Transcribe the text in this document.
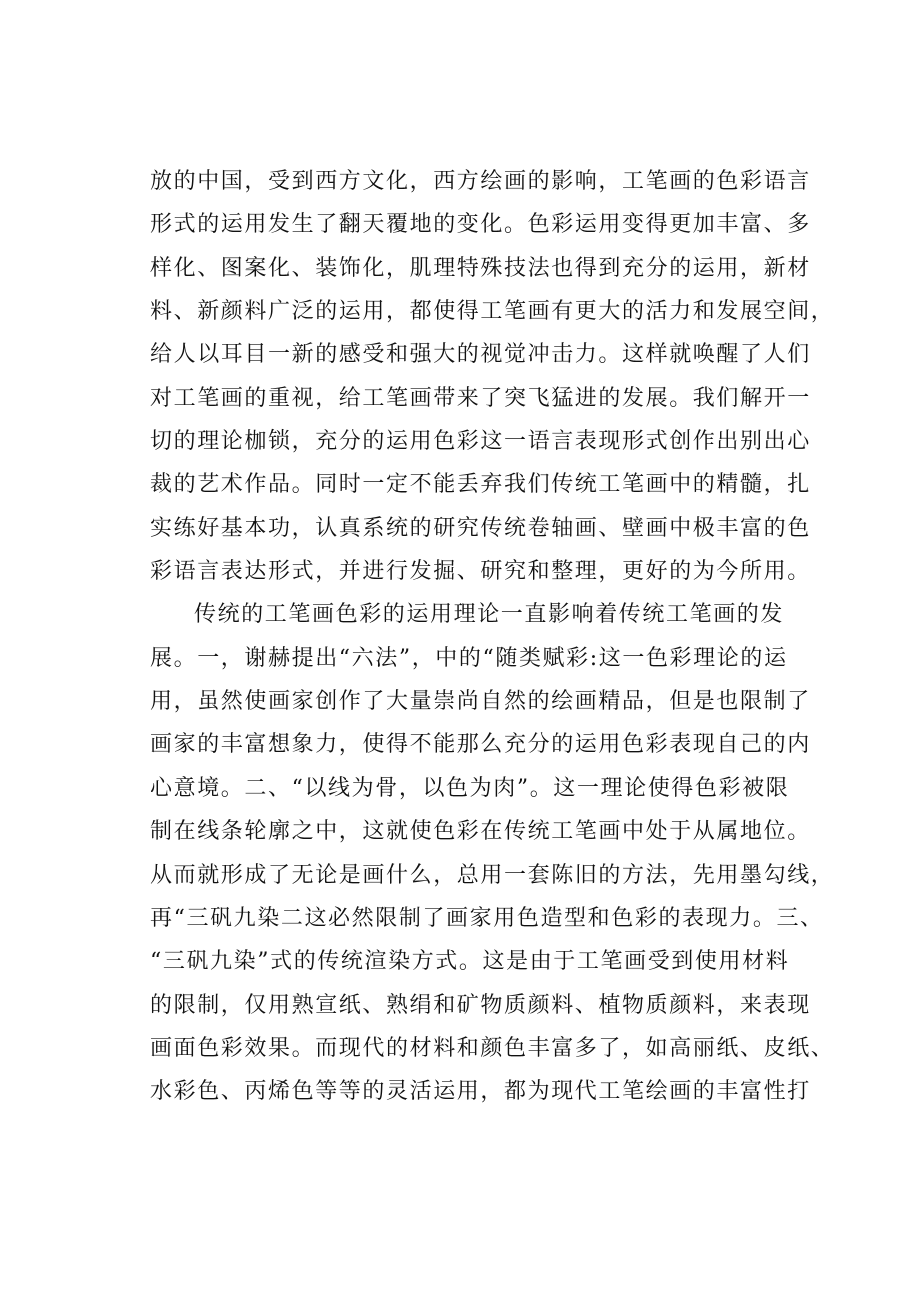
放的中国，受到西方文化，西方绘画的影响，工笔画的色彩语言
形式的运用发生了翻天覆地的变化。色彩运用变得更加丰富、多
样化、图案化、装饰化，肌理特殊技法也得到充分的运用，新材
料、新颜料广泛的运用，都使得工笔画有更大的活力和发展空间，
给人以耳目一新的感受和强大的视觉冲击力。这样就唤醒了人们
对工笔画的重视，给工笔画带来了突飞猛进的发展。我们解开一
切的理论枷锁，充分的运用色彩这一语言表现形式创作出别出心
裁的艺术作品。同时一定不能丢弃我们传统工笔画中的精髓，扎
实练好基本功，认真系统的研究传统卷轴画、壁画中极丰富的色
彩语言表达形式，并进行发掘、研究和整理，更好的为今所用。
传统的工笔画色彩的运用理论一直影响着传统工笔画的发
展。一，谢赫提出“六法”，中的“随类赋彩:这一色彩理论的运
用，虽然使画家创作了大量崇尚自然的绘画精品，但是也限制了
画家的丰富想象力，使得不能那么充分的运用色彩表现自己的内
心意境。二、“以线为骨，以色为肉”。这一理论使得色彩被限
制在线条轮廓之中，这就使色彩在传统工笔画中处于从属地位。
从而就形成了无论是画什么，总用一套陈旧的方法，先用墨勾线，
再“三矾九染二这必然限制了画家用色造型和色彩的表现力。三、
“三矾九染”式的传统渲染方式。这是由于工笔画受到使用材料
的限制，仅用熟宣纸、熟绢和矿物质颜料、植物质颜料，来表现
画面色彩效果。而现代的材料和颜色丰富多了，如高丽纸、皮纸、
水彩色、丙烯色等等的灵活运用，都为现代工笔绘画的丰富性打
